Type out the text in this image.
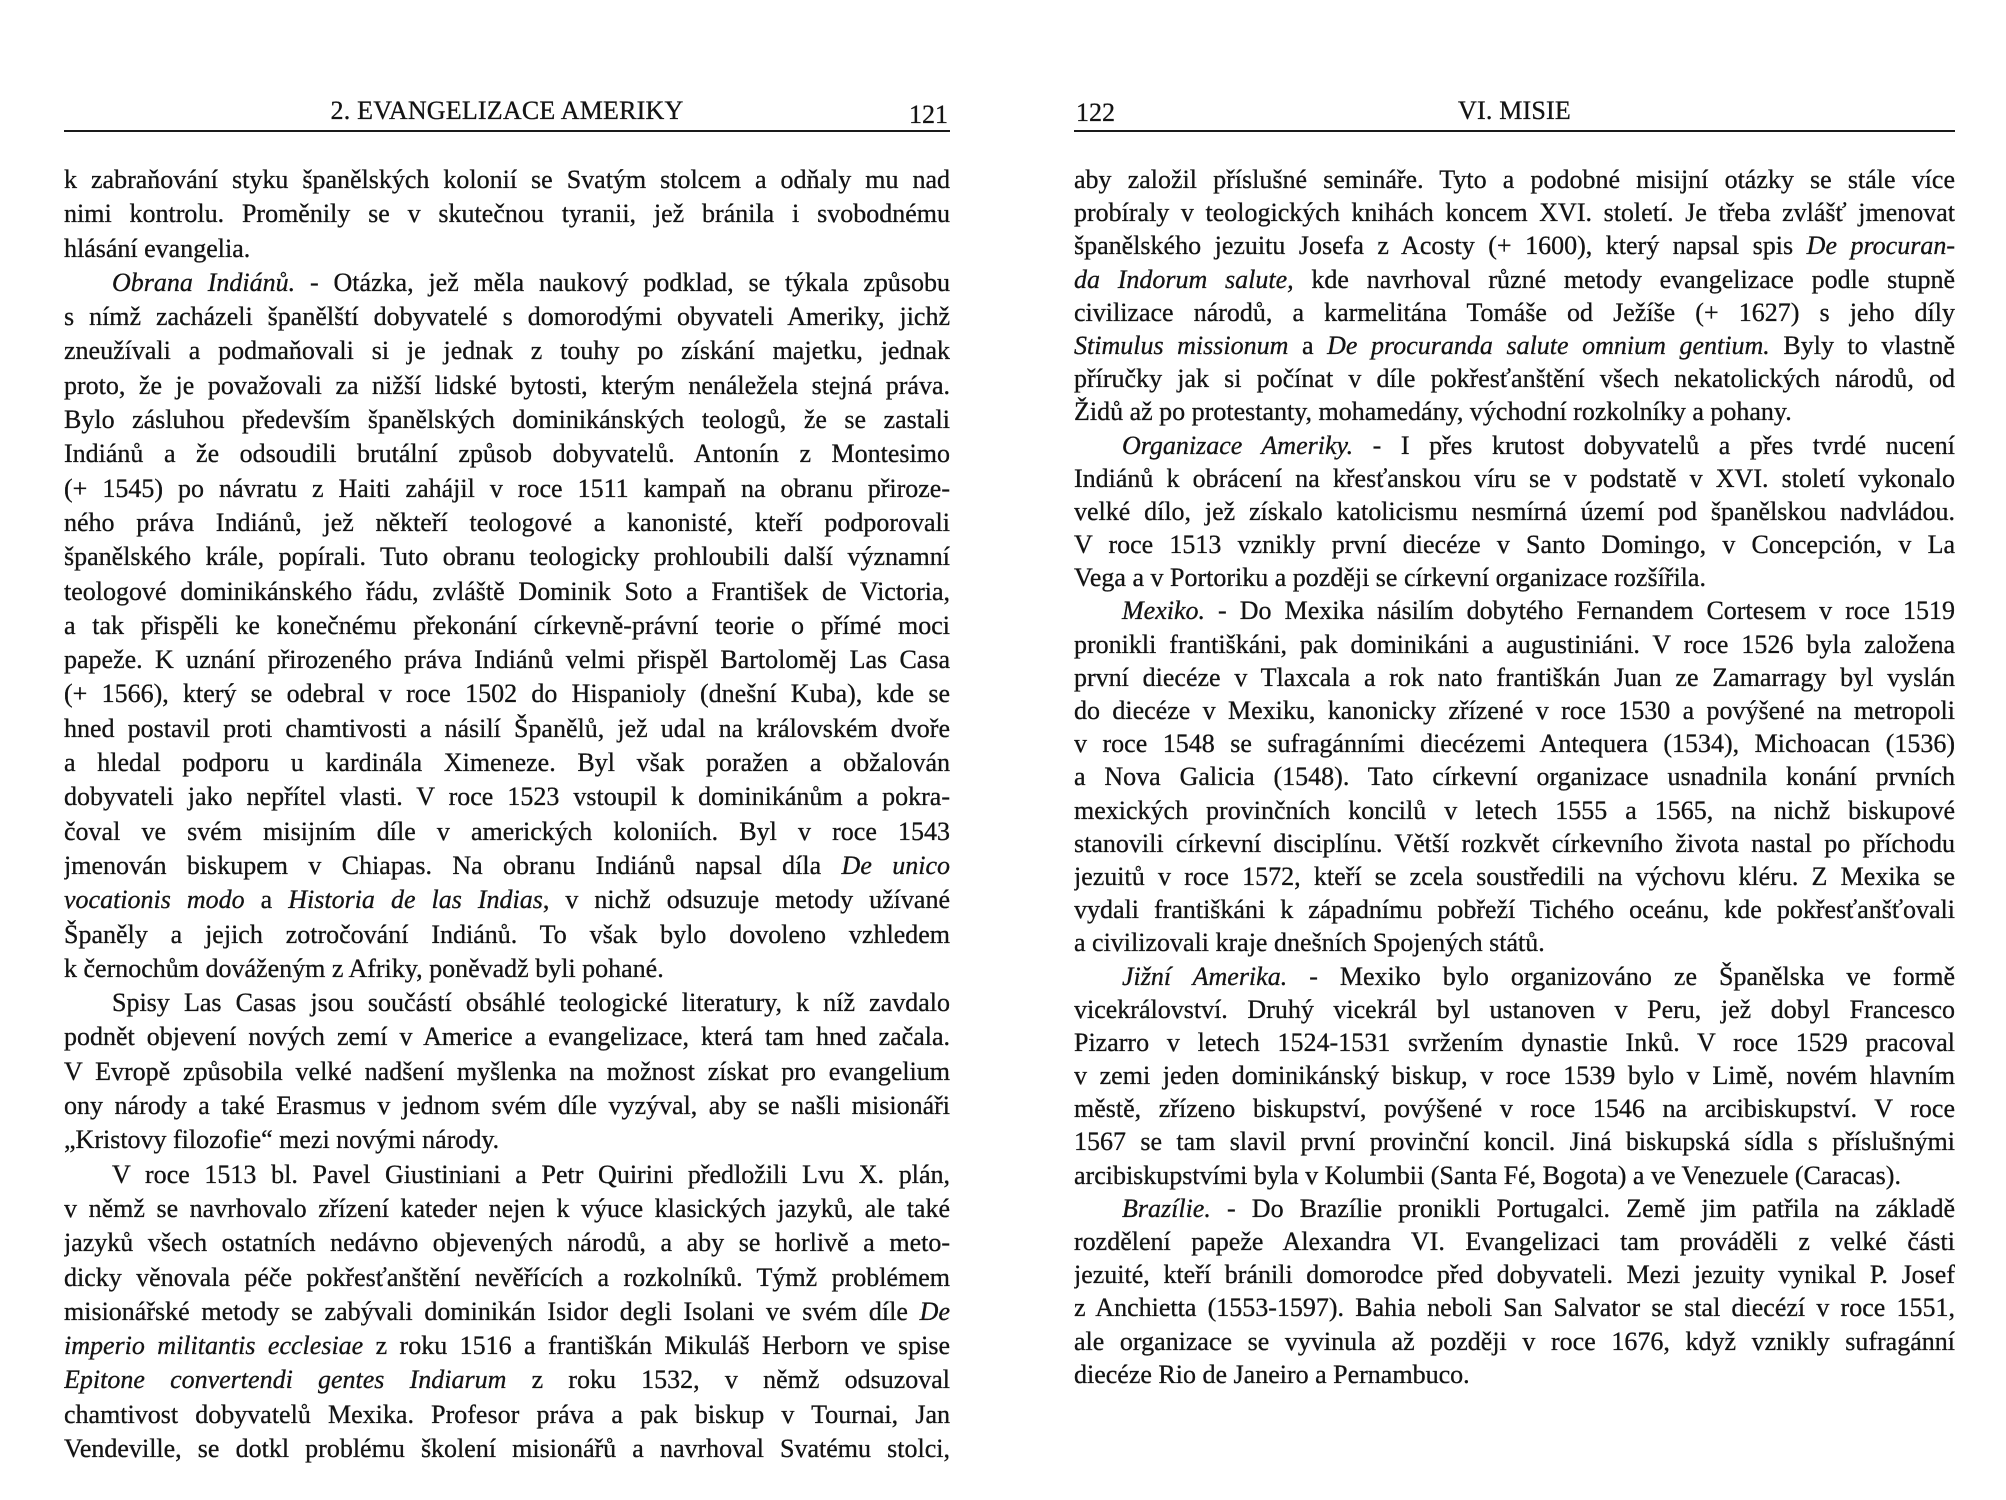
2. EVANGELIZACE AMERIKY	121
k zabraňování styku španělských kolonií se Svatým stolcem a odňaly mu nad
nimi kontrolu. Proměnily se v skutečnou tyranii, jež bránila i svobodnému
hlásání evangelia.
Obrana Indiánů. - Otázka, jež měla naukový podklad, se týkala způsobu
s nímž zacházeli španělští dobyvatelé s domorodými obyvateli Ameriky, jichž
zneužívali a podmaňovali si je jednak z touhy po získání majetku, jednak
proto, že je považovali za nižší lidské bytosti, kterým nenáležela stejná práva.
Bylo zásluhou především španělských dominikánských teologů, že se zastali
Indiánů a že odsoudili brutální způsob dobyvatelů. Antonín z Montesimo
(+ 1545) po návratu z Haiti zahájil v roce 1511 kampaň na obranu přiroze-
ného práva Indiánů, jež někteří teologové a kanonisté, kteří podporovali
španělského krále, popírali. Tuto obranu teologicky prohloubili další významní
teologové dominikánského řádu, zvláště Dominik Soto a František de Victoria,
a tak přispěli ke konečnému překonání církevně-právní teorie o přímé moci
papeže. K uznání přirozeného práva Indiánů velmi přispěl Bartoloměj Las Casa
(+ 1566), který se odebral v roce 1502 do Hispanioly (dnešní Kuba), kde se
hned postavil proti chamtivosti a násilí Španělů, jež udal na královském dvoře
a hledal podporu u kardinála Ximeneze. Byl však poražen a obžalován
dobyvateli jako nepřítel vlasti. V roce 1523 vstoupil k dominikánům a pokra-
čoval ve svém misijním díle v amerických koloniích. Byl v roce 1543
jmenován biskupem v Chiapas. Na obranu Indiánů napsal díla De unico
vocationis modo a Historia de las Indias, v nichž odsuzuje metody užívané
Španěly a jejich zotročování Indiánů. To však bylo dovoleno vzhledem
k černochům dováženým z Afriky, poněvadž byli pohané.
Spisy Las Casas jsou součástí obsáhlé teologické literatury, k níž zavdalo
podnět objevení nových zemí v Americe a evangelizace, která tam hned začala.
V Evropě způsobila velké nadšení myšlenka na možnost získat pro evangelium
ony národy a také Erasmus v jednom svém díle vyzýval, aby se našli misionáři
„Kristovy filozofie“ mezi novými národy.
V roce 1513 bl. Pavel Giustiniani a Petr Quirini předložili Lvu X. plán,
v němž se navrhovalo zřízení kateder nejen k výuce klasických jazyků, ale také
jazyků všech ostatních nedávno objevených národů, a aby se horlivě a meto-
dicky věnovala péče pokřesťanštění nevěřících a rozkolníků. Týmž problémem
misionářské metody se zabývali dominikán Isidor degli Isolani ve svém díle De
imperio militantis ecclesiae z roku 1516 a františkán Mikuláš Herborn ve spise
Epitone convertendi gentes Indiarum z roku 1532, v němž odsuzoval
chamtivost dobyvatelů Mexika. Profesor práva a pak biskup v Tournai, Jan
Vendeville, se dotkl problému školení misionářů a navrhoval Svatému stolci,
122	VI. MISIE
aby založil příslušné semináře. Tyto a podobné misijní otázky se stále více
probíraly v teologických knihách koncem XVI. století. Je třeba zvlášť jmenovat
španělského jezuitu Josefa z Acosty (+ 1600), který napsal spis De procuran-
da Indorum salute, kde navrhoval různé metody evangelizace podle stupně
civilizace národů, a karmelitána Tomáše od Ježíše (+ 1627) s jeho díly
Stimulus missionum a De procuranda salute omnium gentium. Byly to vlastně
příručky jak si počínat v díle pokřesťanštění všech nekatolických národů, od
Židů až po protestanty, mohamedány, východní rozkolníky a pohany.
Organizace Ameriky. - I přes krutost dobyvatelů a přes tvrdé nucení
Indiánů k obrácení na křesťanskou víru se v podstatě v XVI. století vykonalo
velké dílo, jež získalo katolicismu nesmírná území pod španělskou nadvládou.
V roce 1513 vznikly první diecéze v Santo Domingo, v Concepción, v La
Vega a v Portoriku a později se církevní organizace rozšířila.
Mexiko. - Do Mexika násilím dobytého Fernandem Cortesem v roce 1519
pronikli františkáni, pak dominikáni a augustiniáni. V roce 1526 byla založena
první diecéze v Tlaxcala a rok nato františkán Juan ze Zamarragy byl vyslán
do diecéze v Mexiku, kanonicky zřízené v roce 1530 a povýšené na metropoli
v roce 1548 se sufragánními diecézemi Antequera (1534), Michoacan (1536)
a Nova Galicia (1548). Tato církevní organizace usnadnila konání prvních
mexických provinčních koncilů v letech 1555 a 1565, na nichž biskupové
stanovili církevní disciplínu. Větší rozkvět církevního života nastal po příchodu
jezuitů v roce 1572, kteří se zcela soustředili na výchovu kléru. Z Mexika se
vydali františkáni k západnímu pobřeží Tichého oceánu, kde pokřesťanšťovali
a civilizovali kraje dnešních Spojených států.
Jižní Amerika. - Mexiko bylo organizováno ze Španělska ve formě
vicekrálovství. Druhý vicekrál byl ustanoven v Peru, jež dobyl Francesco
Pizarro v letech 1524-1531 svržením dynastie Inků. V roce 1529 pracoval
v zemi jeden dominikánský biskup, v roce 1539 bylo v Limě, novém hlavním
městě, zřízeno biskupství, povýšené v roce 1546 na arcibiskupství. V roce
1567 se tam slavil první provinční koncil. Jiná biskupská sídla s příslušnými
arcibiskupstvími byla v Kolumbii (Santa Fé, Bogota) a ve Venezuele (Caracas).
Brazílie. - Do Brazílie pronikli Portugalci. Země jim patřila na základě
rozdělení papeže Alexandra VI. Evangelizaci tam prováděli z velké části
jezuité, kteří bránili domorodce před dobyvateli. Mezi jezuity vynikal P. Josef
z Anchietta (1553-1597). Bahia neboli San Salvator se stal diecézí v roce 1551,
ale organizace se vyvinula až později v roce 1676, když vznikly sufragánní
diecéze Rio de Janeiro a Pernambuco.
